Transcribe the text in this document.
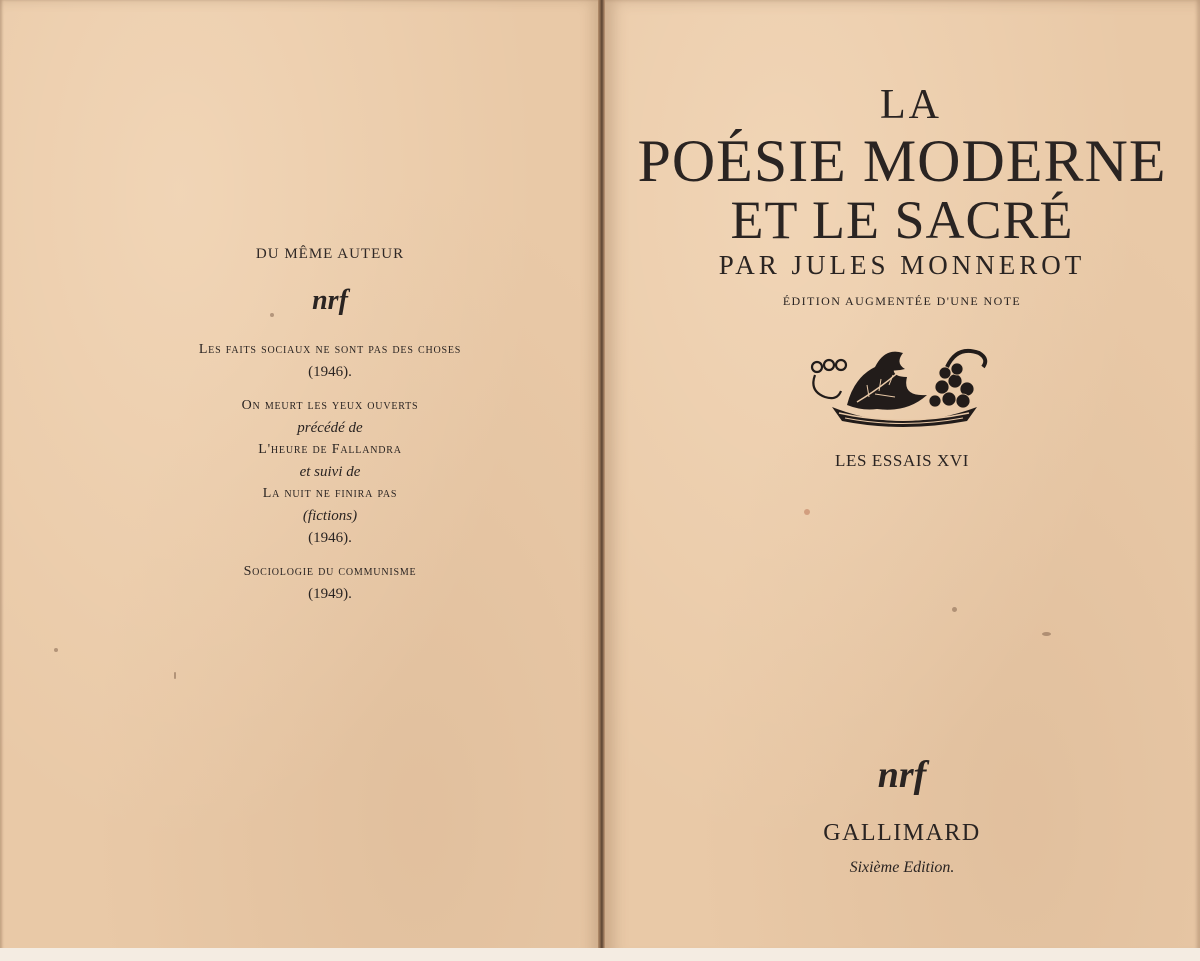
DU MÊME AUTEUR

nrf
Les faits sociaux ne sont pas des choses
(1946).
On meurt les yeux ouverts
précédé de
L'heure de Fallandra
et suivi de
La nuit ne finira pas
(fictions)
(1946).
Sociologie du communisme
(1949).
LA
POÉSIE MODERNE
ET LE SACRÉ
PAR JULES MONNEROT
ÉDITION AUGMENTÉE D'UNE NOTE
LES ESSAIS XVI
nrf
GALLIMARD
Sixième Edition.
